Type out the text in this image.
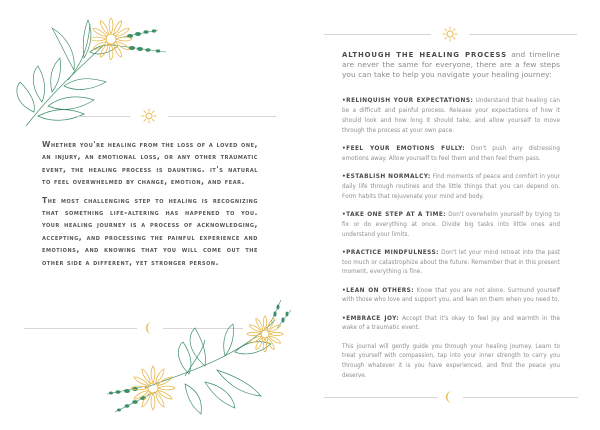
Whether you're healing from the loss of a loved one, an injury, an emotional loss, or any other traumatic event, the healing process is daunting. it's natural to feel overwhelmed by change, emotion, and fear.

The most challenging step to healing is recognizing that something life-altering has happened to you. your healing journey is a process of acknowledging, accepting, and processing the painful experience and emotions, and knowing that you will come out the other side a different, yet stronger person.

ALTHOUGH THE HEALING PROCESS and timeline are never the same for everyone, there are a few steps you can take to help you navigate your healing journey:
•RELINQUISH YOUR EXPECTATIONS: Understand that healing can be a difficult and painful process. Release your expectations of how it should look and how long it should take, and allow yourself to move through the process at your own pace.
•FEEL YOUR EMOTIONS FULLY: Don't push any distressing emotions away. Allow yourself to feel them and then feel them pass.
•ESTABLISH NORMALCY: Find moments of peace and comfort in your daily life through routines and the little things that you can depend on. Form habits that rejuvenate your mind and body.
•TAKE ONE STEP AT A TIME: Don't overwhelm yourself by trying to fix or do everything at once. Divide big tasks into little ones and understand your limits.
•PRACTICE MINDFULNESS: Don't let your mind retreat into the past too much or catastrophize about the future. Remember that in this present moment, everything is fine.
•LEAN ON OTHERS: Know that you are not alone. Surround yourself with those who love and support you, and lean on them when you need to.
•EMBRACE JOY: Accept that it's okay to feel joy and warmth in the wake of a traumatic event.
This journal will gently guide you through your healing journey. Learn to treat yourself with compassion, tap into your inner strength to carry you through whatever it is you have experienced, and find the peace you deserve.
